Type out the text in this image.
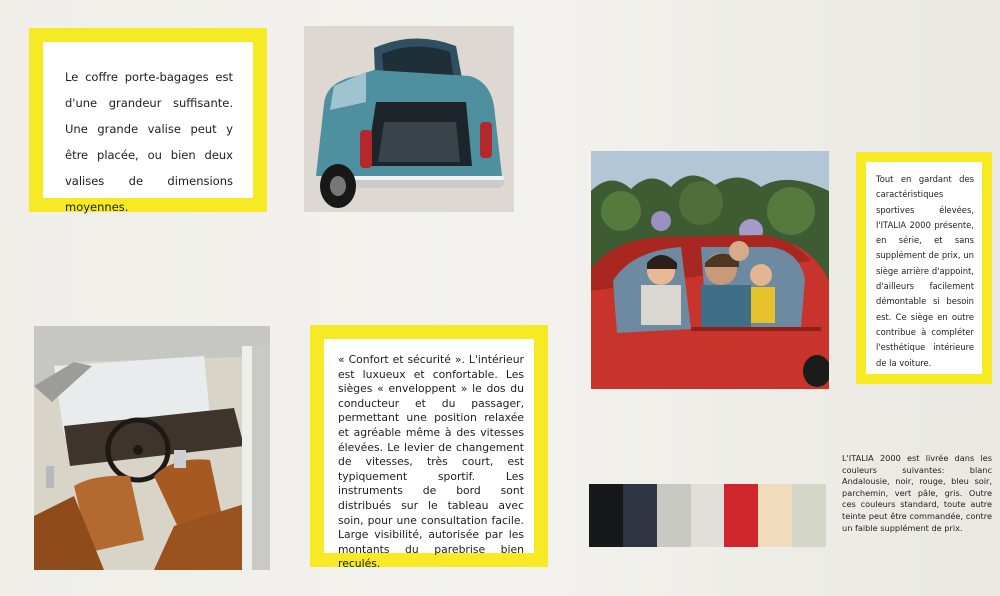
Le coffre porte-bagages est d'une grandeur suffisante. Une grande valise peut y être placée, ou bien deux valises de dimensions moyennes.

Tout en gardant des caractéristiques sportives élevées, l'ITALIA 2000 présente, en série, et sans supplément de prix, un siège arrière d'appoint, d'ailleurs facilement démontable si besoin est. Ce siège en outre contribue à compléter l'esthétique intérieure de la voiture.

« Confort et sécurité ». L'intérieur est luxueux et confortable. Les sièges « enveloppent » le dos du conducteur et du passager, permettant une position relaxée et agréable même à des vitesses élevées. Le levier de changement de vitesses, très court, est typiquement sportif. Les instruments de bord sont distribués sur le tableau avec soin, pour une consultation facile. Large visibilité, autorisée par les montants du parebrise bien reculés.

L'ITALIA 2000 est livrée dans les couleurs suivantes: blanc Andalousie, noir, rouge, bleu soir, parchemin, vert pâle, gris. Outre ces couleurs standard, toute autre teinte peut être commandée, contre un faible supplément de prix.
